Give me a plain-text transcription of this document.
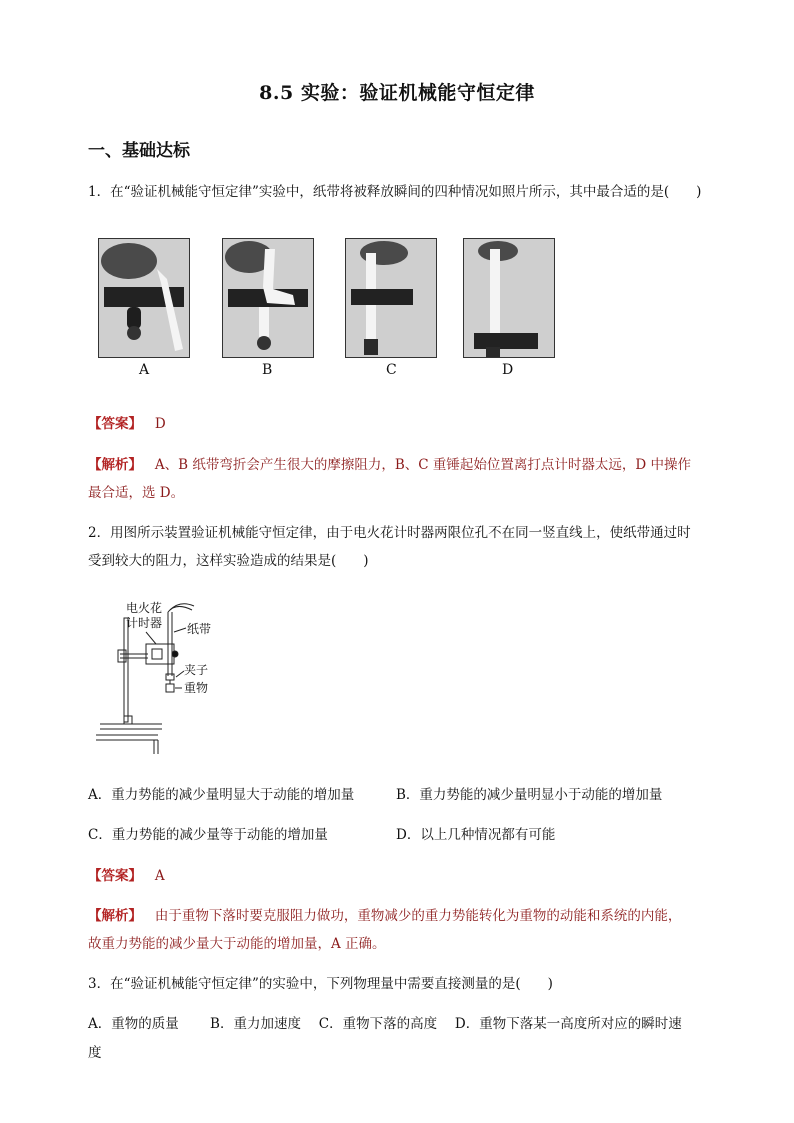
8.5 实验：验证机械能守恒定律
一、基础达标
1．在“验证机械能守恒定律”实验中，纸带将被释放瞬间的四种情况如照片所示，其中最合适的是(　　)
A	B	C	D
【答案】 D
【解析】 A、B 纸带弯折会产生很大的摩擦阻力，B、C 重锤起始位置离打点计时器太远，D 中操作
最合适，选 D。
2．用图所示装置验证机械能守恒定律，由于电火花计时器两限位孔不在同一竖直线上，使纸带通过时
受到较大的阻力，这样实验造成的结果是(　　)
电火花
计时器 纸带
夹子
重物
A．重力势能的减少量明显大于动能的增加量	B．重力势能的减少量明显小于动能的增加量
C．重力势能的减少量等于动能的增加量	D．以上几种情况都有可能
【答案】 A
【解析】 由于重物下落时要克服阻力做功，重物减少的重力势能转化为重物的动能和系统的内能，
故重力势能的减少量大于动能的增加量，A 正确。
3．在“验证机械能守恒定律”的实验中，下列物理量中需要直接测量的是(　　)
A．重物的质量　　 B．重力加速度　 C．重物下落的高度　 D．重物下落某一高度所对应的瞬时速
度
